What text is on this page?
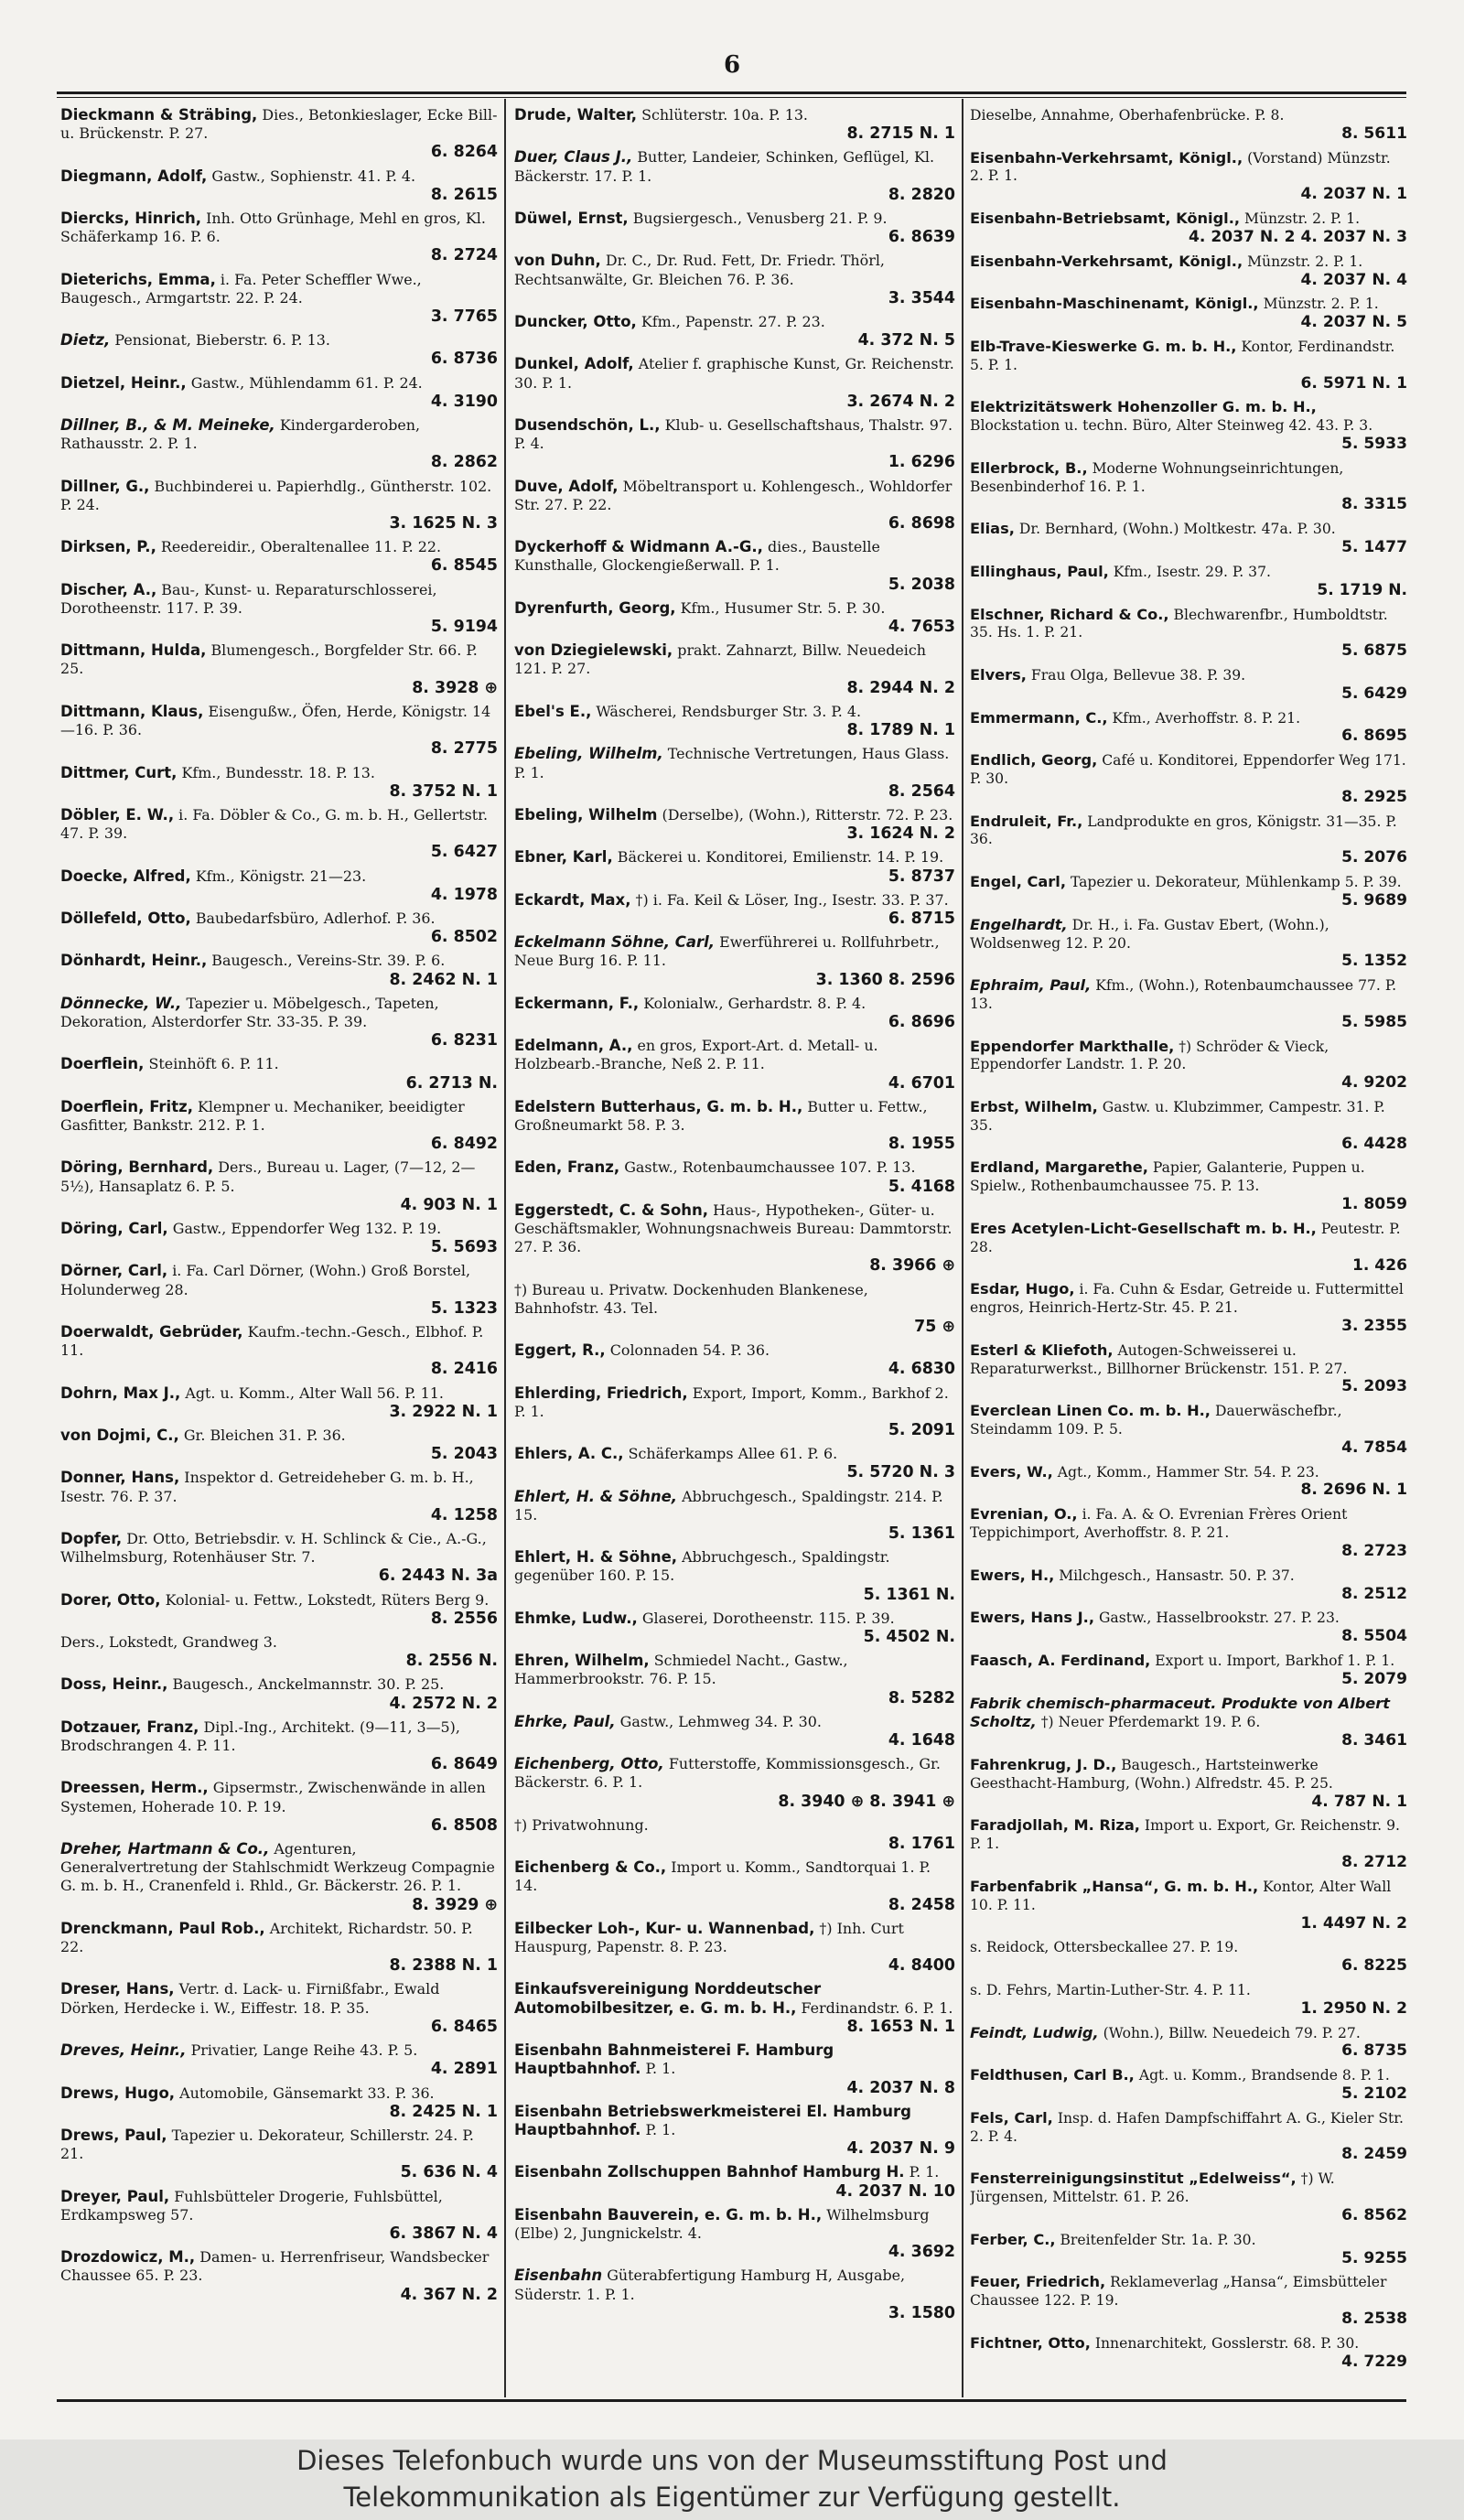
6
Dieckmann & Sträbing, Dies., Betonkieslager, Ecke Bill- u. Brückenstr. P. 27.
6. 8264
Diegmann, Adolf, Gastw., Sophienstr. 41. P. 4.
8. 2615
Diercks, Hinrich, Inh. Otto Grünhage, Mehl en gros, Kl. Schäferkamp 16. P. 6.
8. 2724
Dieterichs, Emma, i. Fa. Peter Scheffler Wwe., Baugesch., Armgartstr. 22. P. 24.
3. 7765
Dietz, Pensionat, Bieberstr. 6. P. 13.
6. 8736
Dietzel, Heinr., Gastw., Mühlendamm 61. P. 24.
4. 3190
Dillner, B., & M. Meineke, Kindergarderoben, Rathausstr. 2. P. 1.
8. 2862
Dillner, G., Buchbinderei u. Papierhdlg., Güntherstr. 102. P. 24.
3. 1625 N. 3
Dirksen, P., Reedereidir., Oberaltenallee 11. P. 22.
6. 8545
Discher, A., Bau-, Kunst- u. Reparaturschlosserei, Dorotheenstr. 117. P. 39.
5. 9194
Dittmann, Hulda, Blumengesch., Borgfelder Str. 66. P. 25.
8. 3928 ⊕
Dittmann, Klaus, Eisengußw., Öfen, Herde, Königstr. 14—16. P. 36.
8. 2775
Dittmer, Curt, Kfm., Bundesstr. 18. P. 13.
8. 3752 N. 1
Döbler, E. W., i. Fa. Döbler & Co., G. m. b. H., Gellertstr. 47. P. 39.
5. 6427
Doecke, Alfred, Kfm., Königstr. 21—23.
4. 1978
Döllefeld, Otto, Baubedarfsbüro, Adlerhof. P. 36.
6. 8502
Dönhardt, Heinr., Baugesch., Vereins-Str. 39. P. 6.
8. 2462 N. 1
Dönnecke, W., Tapezier u. Möbelgesch., Tapeten, Dekoration, Alsterdorfer Str. 33-35. P. 39.
6. 8231
Doerflein, Steinhöft 6. P. 11.
6. 2713 N.
Doerflein, Fritz, Klempner u. Mechaniker, beeidigter Gasfitter, Bankstr. 212. P. 1.
6. 8492
Döring, Bernhard, Ders., Bureau u. Lager, (7—12, 2—5½), Hansaplatz 6. P. 5.
4. 903 N. 1
Döring, Carl, Gastw., Eppendorfer Weg 132. P. 19.
5. 5693
Dörner, Carl, i. Fa. Carl Dörner, (Wohn.) Groß Borstel, Holunderweg 28.
5. 1323
Doerwaldt, Gebrüder, Kaufm.-techn.-Gesch., Elbhof. P. 11.
8. 2416
Dohrn, Max J., Agt. u. Komm., Alter Wall 56. P. 11.
3. 2922 N. 1
von Dojmi, C., Gr. Bleichen 31. P. 36.
5. 2043
Donner, Hans, Inspektor d. Getreideheber G. m. b. H., Isestr. 76. P. 37.
4. 1258
Dopfer, Dr. Otto, Betriebsdir. v. H. Schlinck & Cie., A.-G., Wilhelmsburg, Rotenhäuser Str. 7.
6. 2443 N. 3a
Dorer, Otto, Kolonial- u. Fettw., Lokstedt, Rüters Berg 9.
8. 2556
Ders., Lokstedt, Grandweg 3.
8. 2556 N.
Doss, Heinr., Baugesch., Anckelmannstr. 30. P. 25.
4. 2572 N. 2
Dotzauer, Franz, Dipl.-Ing., Architekt. (9—11, 3—5), Brodschrangen 4. P. 11.
6. 8649
Dreessen, Herm., Gipsermstr., Zwischenwände in allen Systemen, Hoherade 10. P. 19.
6. 8508
Dreher, Hartmann & Co., Agenturen, Generalvertretung der Stahlschmidt Werkzeug Compagnie G. m. b. H., Cranenfeld i. Rhld., Gr. Bäckerstr. 26. P. 1.
8. 3929 ⊕
Drenckmann, Paul Rob., Architekt, Richardstr. 50. P. 22.
8. 2388 N. 1
Dreser, Hans, Vertr. d. Lack- u. Firnißfabr., Ewald Dörken, Herdecke i. W., Eiffestr. 18. P. 35.
6. 8465
Dreves, Heinr., Privatier, Lange Reihe 43. P. 5.
4. 2891
Drews, Hugo, Automobile, Gänsemarkt 33. P. 36.
8. 2425 N. 1
Drews, Paul, Tapezier u. Dekorateur, Schillerstr. 24. P. 21.
5. 636 N. 4
Dreyer, Paul, Fuhlsbütteler Drogerie, Fuhlsbüttel, Erdkampsweg 57.
6. 3867 N. 4
Drozdowicz, M., Damen- u. Herrenfriseur, Wandsbecker Chaussee 65. P. 23.
4. 367 N. 2
Drude, Walter, Schlüterstr. 10a. P. 13.
8. 2715 N. 1
Duer, Claus J., Butter, Landeier, Schinken, Geflügel, Kl. Bäckerstr. 17. P. 1.
8. 2820
Düwel, Ernst, Bugsiergesch., Venusberg 21. P. 9.
6. 8639
von Duhn, Dr. C., Dr. Rud. Fett, Dr. Friedr. Thörl, Rechtsanwälte, Gr. Bleichen 76. P. 36.
3. 3544
Duncker, Otto, Kfm., Papenstr. 27. P. 23.
4. 372 N. 5
Dunkel, Adolf, Atelier f. graphische Kunst, Gr. Reichenstr. 30. P. 1.
3. 2674 N. 2
Dusendschön, L., Klub- u. Gesellschaftshaus, Thalstr. 97. P. 4.
1. 6296
Duve, Adolf, Möbeltransport u. Kohlengesch., Wohldorfer Str. 27. P. 22.
6. 8698
Dyckerhoff & Widmann A.-G., dies., Baustelle Kunsthalle, Glockengießerwall. P. 1.
5. 2038
Dyrenfurth, Georg, Kfm., Husumer Str. 5. P. 30.
4. 7653
von Dziegielewski, prakt. Zahnarzt, Billw. Neuedeich 121. P. 27.
8. 2944 N. 2
Ebel's E., Wäscherei, Rendsburger Str. 3. P. 4.
8. 1789 N. 1
Ebeling, Wilhelm, Technische Vertretungen, Haus Glass. P. 1.
8. 2564
Ebeling, Wilhelm (Derselbe), (Wohn.), Ritterstr. 72. P. 23.
3. 1624 N. 2
Ebner, Karl, Bäckerei u. Konditorei, Emilienstr. 14. P. 19.
5. 8737
Eckardt, Max, †) i. Fa. Keil & Löser, Ing., Isestr. 33. P. 37.
6. 8715
Eckelmann Söhne, Carl, Ewerführerei u. Rollfuhrbetr., Neue Burg 16. P. 11.
3. 1360 8. 2596
Eckermann, F., Kolonialw., Gerhardstr. 8. P. 4.
6. 8696
Edelmann, A., en gros, Export-Art. d. Metall- u. Holzbearb.-Branche, Neß 2. P. 11.
4. 6701
Edelstern Butterhaus, G. m. b. H., Butter u. Fettw., Großneumarkt 58. P. 3.
8. 1955
Eden, Franz, Gastw., Rotenbaumchaussee 107. P. 13.
5. 4168
Eggerstedt, C. & Sohn, Haus-, Hypotheken-, Güter- u. Geschäftsmakler, Wohnungsnachweis Bureau: Dammtorstr. 27. P. 36.
8. 3966 ⊕
†) Bureau u. Privatw. Dockenhuden Blankenese, Bahnhofstr. 43. Tel.
75 ⊕
Eggert, R., Colonnaden 54. P. 36.
4. 6830
Ehlerding, Friedrich, Export, Import, Komm., Barkhof 2. P. 1.
5. 2091
Ehlers, A. C., Schäferkamps Allee 61. P. 6.
5. 5720 N. 3
Ehlert, H. & Söhne, Abbruchgesch., Spaldingstr. 214. P. 15.
5. 1361
Ehlert, H. & Söhne, Abbruchgesch., Spaldingstr. gegenüber 160. P. 15.
5. 1361 N.
Ehmke, Ludw., Glaserei, Dorotheenstr. 115. P. 39.
5. 4502 N.
Ehren, Wilhelm, Schmiedel Nacht., Gastw., Hammerbrookstr. 76. P. 15.
8. 5282
Ehrke, Paul, Gastw., Lehmweg 34. P. 30.
4. 1648
Eichenberg, Otto, Futterstoffe, Kommissionsgesch., Gr. Bäckerstr. 6. P. 1.
8. 3940 ⊕ 8. 3941 ⊕
†) Privatwohnung.
8. 1761
Eichenberg & Co., Import u. Komm., Sandtorquai 1. P. 14.
8. 2458
Eilbecker Loh-, Kur- u. Wannenbad, †) Inh. Curt Hauspurg, Papenstr. 8. P. 23.
4. 8400
Einkaufsvereinigung Norddeutscher Automobilbesitzer, e. G. m. b. H., Ferdinandstr. 6. P. 1.
8. 1653 N. 1
Eisenbahn Bahnmeisterei F. Hamburg Hauptbahnhof. P. 1.
4. 2037 N. 8
Eisenbahn Betriebswerkmeisterei El. Hamburg Hauptbahnhof. P. 1.
4. 2037 N. 9
Eisenbahn Zollschuppen Bahnhof Hamburg H. P. 1.
4. 2037 N. 10
Eisenbahn Bauverein, e. G. m. b. H., Wilhelmsburg (Elbe) 2, Jungnickelstr. 4.
4. 3692
Eisenbahn Güterabfertigung Hamburg H, Ausgabe, Süderstr. 1. P. 1.
3. 1580
Dieselbe, Annahme, Oberhafenbrücke. P. 8.
8. 5611
Eisenbahn-Verkehrsamt, Königl., (Vorstand) Münzstr. 2. P. 1.
4. 2037 N. 1
Eisenbahn-Betriebsamt, Königl., Münzstr. 2. P. 1.
4. 2037 N. 2 4. 2037 N. 3
Eisenbahn-Verkehrsamt, Königl., Münzstr. 2. P. 1.
4. 2037 N. 4
Eisenbahn-Maschinenamt, Königl., Münzstr. 2. P. 1.
4. 2037 N. 5
Elb-Trave-Kieswerke G. m. b. H., Kontor, Ferdinandstr. 5. P. 1.
6. 5971 N. 1
Elektrizitätswerk Hohenzoller G. m. b. H., Blockstation u. techn. Büro, Alter Steinweg 42. 43. P. 3.
5. 5933
Ellerbrock, B., Moderne Wohnungseinrichtungen, Besenbinderhof 16. P. 1.
8. 3315
Elias, Dr. Bernhard, (Wohn.) Moltkestr. 47a. P. 30.
5. 1477
Ellinghaus, Paul, Kfm., Isestr. 29. P. 37.
5. 1719 N.
Elschner, Richard & Co., Blechwarenfbr., Humboldtstr. 35. Hs. 1. P. 21.
5. 6875
Elvers, Frau Olga, Bellevue 38. P. 39.
5. 6429
Emmermann, C., Kfm., Averhoffstr. 8. P. 21.
6. 8695
Endlich, Georg, Café u. Konditorei, Eppendorfer Weg 171. P. 30.
8. 2925
Endruleit, Fr., Landprodukte en gros, Königstr. 31—35. P. 36.
5. 2076
Engel, Carl, Tapezier u. Dekorateur, Mühlenkamp 5. P. 39.
5. 9689
Engelhardt, Dr. H., i. Fa. Gustav Ebert, (Wohn.), Woldsenweg 12. P. 20.
5. 1352
Ephraim, Paul, Kfm., (Wohn.), Rotenbaumchaussee 77. P. 13.
5. 5985
Eppendorfer Markthalle, †) Schröder & Vieck, Eppendorfer Landstr. 1. P. 20.
4. 9202
Erbst, Wilhelm, Gastw. u. Klubzimmer, Campestr. 31. P. 35.
6. 4428
Erdland, Margarethe, Papier, Galanterie, Puppen u. Spielw., Rothenbaumchaussee 75. P. 13.
1. 8059
Eres Acetylen-Licht-Gesellschaft m. b. H., Peutestr. P. 28.
1. 426
Esdar, Hugo, i. Fa. Cuhn & Esdar, Getreide u. Futtermittel engros, Heinrich-Hertz-Str. 45. P. 21.
3. 2355
Esterl & Kliefoth, Autogen-Schweisserei u. Reparaturwerkst., Billhorner Brückenstr. 151. P. 27.
5. 2093
Everclean Linen Co. m. b. H., Dauerwäschefbr., Steindamm 109. P. 5.
4. 7854
Evers, W., Agt., Komm., Hammer Str. 54. P. 23.
8. 2696 N. 1
Evrenian, O., i. Fa. A. & O. Evrenian Frères Orient Teppichimport, Averhoffstr. 8. P. 21.
8. 2723
Ewers, H., Milchgesch., Hansastr. 50. P. 37.
8. 2512
Ewers, Hans J., Gastw., Hasselbrookstr. 27. P. 23.
8. 5504
Faasch, A. Ferdinand, Export u. Import, Barkhof 1. P. 1.
5. 2079
Fabrik chemisch-pharmaceut. Produkte von Albert Scholtz, †) Neuer Pferdemarkt 19. P. 6.
8. 3461
Fahrenkrug, J. D., Baugesch., Hartsteinwerke Geesthacht-Hamburg, (Wohn.) Alfredstr. 45. P. 25.
4. 787 N. 1
Faradjollah, M. Riza, Import u. Export, Gr. Reichenstr. 9. P. 1.
8. 2712
Farbenfabrik „Hansa“, G. m. b. H., Kontor, Alter Wall 10. P. 11.
1. 4497 N. 2
s. Reidock, Ottersbeckallee 27. P. 19.
6. 8225
s. D. Fehrs, Martin-Luther-Str. 4. P. 11.
1. 2950 N. 2
Feindt, Ludwig, (Wohn.), Billw. Neuedeich 79. P. 27.
6. 8735
Feldthusen, Carl B., Agt. u. Komm., Brandsende 8. P. 1.
5. 2102
Fels, Carl, Insp. d. Hafen Dampfschiffahrt A. G., Kieler Str. 2. P. 4.
8. 2459
Fensterreinigungsinstitut „Edelweiss“, †) W. Jürgensen, Mittelstr. 61. P. 26.
6. 8562
Ferber, C., Breitenfelder Str. 1a. P. 30.
5. 9255
Feuer, Friedrich, Reklameverlag „Hansa“, Eimsbütteler Chaussee 122. P. 19.
8. 2538
Fichtner, Otto, Innenarchitekt, Gosslerstr. 68. P. 30.
4. 7229
Dieses Telefonbuch wurde uns von der Museumsstiftung Post und
Telekommunikation als Eigentümer zur Verfügung gestellt.
